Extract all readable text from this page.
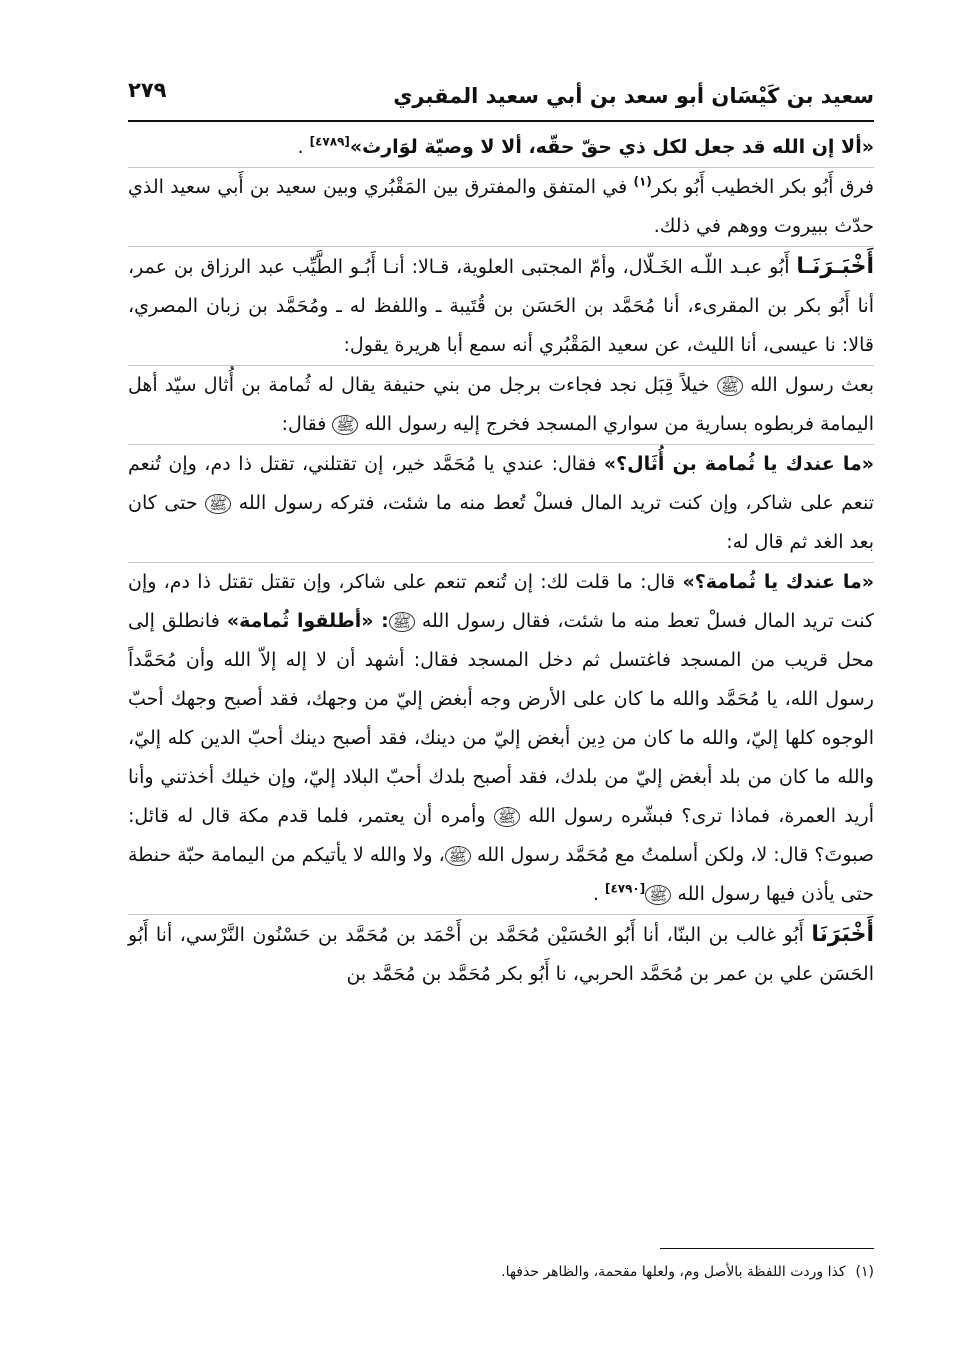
سعيد بن كَيْسَان أبو سعد بن أبي سعيد المقبري
٢٧٩

«ألا إن الله قد جعل لكل ذي حقّ حقّه، ألا لا وصيّة لوَارث»[٤٧٨٩] .

فرق أَبُو بكر الخطيب أَبُو بكر$^{(١)}$ في المتفق والمفترق بين المَقْبُري وبين سعيد بن أَبي سعيد الذي حدّث ببيروت ووهم في ذلك.

أَخْبَـرَنَـا أَبُو عبـد اللّـه الخَـلّال، وأمّ المجتبى العلوية، قـالا: أنـا أَبُـو الطَّيِّب عبد الرزاق بن عمر، أنا أَبُو بكر بن المقرىء، أنا مُحَمَّد بن الحَسَن بن قُتَيبة ـ واللفظ له ـ ومُحَمَّد بن زبان المصري، قالا: نا عيسى، أنا الليث، عن سعيد المَقْبُري أنه سمع أبا هريرة يقول:

بعث رسول الله ﷺ خيلاً قِبَل نجد فجاءت برجل من بني حنيفة يقال له ثُمامة بن أُثال سيّد أهل اليمامة فربطوه بسارية من سواري المسجد فخرج إليه رسول الله ﷺ فقال:

«ما عندك يا ثُمامة بن أُثَال؟» فقال: عندي يا مُحَمَّد خير، إن تقتلني، تقتل ذا دم، وإن تُنعم تنعم على شاكر، وإن كنت تريد المال فسلْ تُعط منه ما شئت، فتركه رسول الله ﷺ حتى كان بعد الغد ثم قال له:

«ما عندك يا ثُمامة؟» قال: ما قلت لك: إن تُنعم تنعم على شاكر، وإن تقتل تقتل ذا دم، وإن كنت تريد المال فسلْ تعط منه ما شئت، فقال رسول الله ﷺ: «أطلقوا ثُمامة» فانطلق إلى محل قريب من المسجد فاغتسل ثم دخل المسجد فقال: أشهد أن لا إله إلاّ الله وأن مُحَمَّداً رسول الله، يا مُحَمَّد والله ما كان على الأرض وجه أبغض إليّ من وجهك، فقد أصبح وجهك أحبّ الوجوه كلها إليّ، والله ما كان من دِين أبغض إليّ من دينك، فقد أصبح دينك أحبّ الدين كله إليّ، والله ما كان من بلد أبغض إليّ من بلدك، فقد أصبح بلدك أحبّ البلاد إليّ، وإن خيلك أخذتني وأنا أريد العمرة، فماذا ترى؟ فبشّره رسول الله ﷺ وأمره أن يعتمر، فلما قدم مكة قال له قائل: صبوتَ؟ قال: لا، ولكن أسلمتُ مع مُحَمَّد رسول الله ﷺ، ولا والله لا يأتيكم من اليمامة حبّة حنطة حتى يأذن فيها رسول الله ﷺ[٤٧٩٠] .

أَخْبَرَنَا أَبُو غالب بن البنّا، أنا أَبُو الحُسَيْن مُحَمَّد بن أَحْمَد بن مُحَمَّد بن حَسْنُون النَّرْسي، أنا أَبُو الحَسَن علي بن عمر بن مُحَمَّد الحربي، نا أَبُو بكر مُحَمَّد بن مُحَمَّد بن

(١)كذا وردت اللفظة بالأصل وم، ولعلها مقحمة، والظاهر حذفها.
